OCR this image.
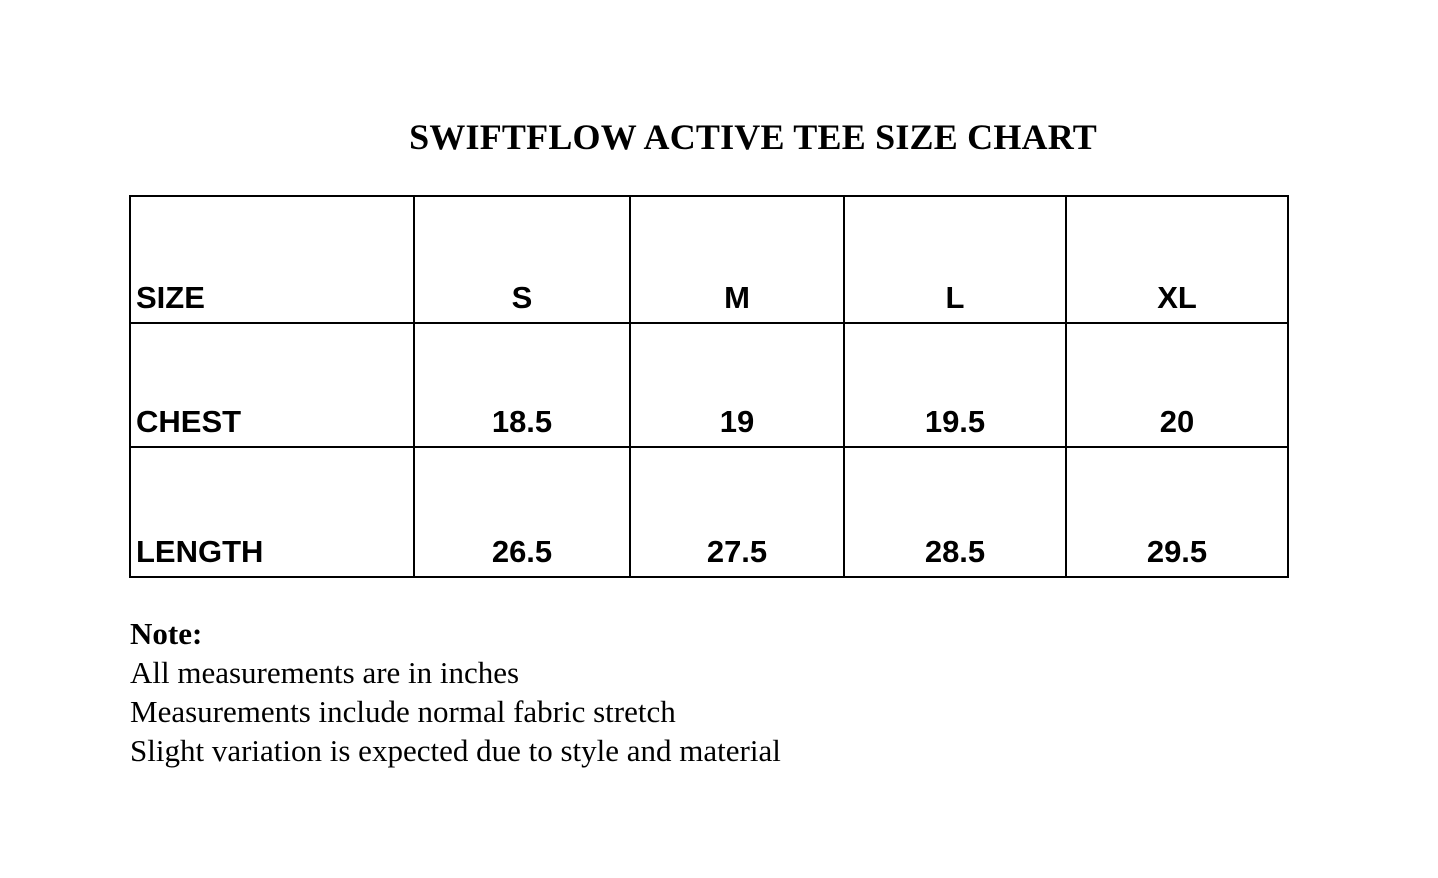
SWIFTFLOW ACTIVE TEE SIZE CHART
SIZE	S	M	L	XL
CHEST	18.5	19	19.5	20
LENGTH	26.5	27.5	28.5	29.5
Note:
All measurements are in inches
Measurements include normal fabric stretch
Slight variation is expected due to style and material
